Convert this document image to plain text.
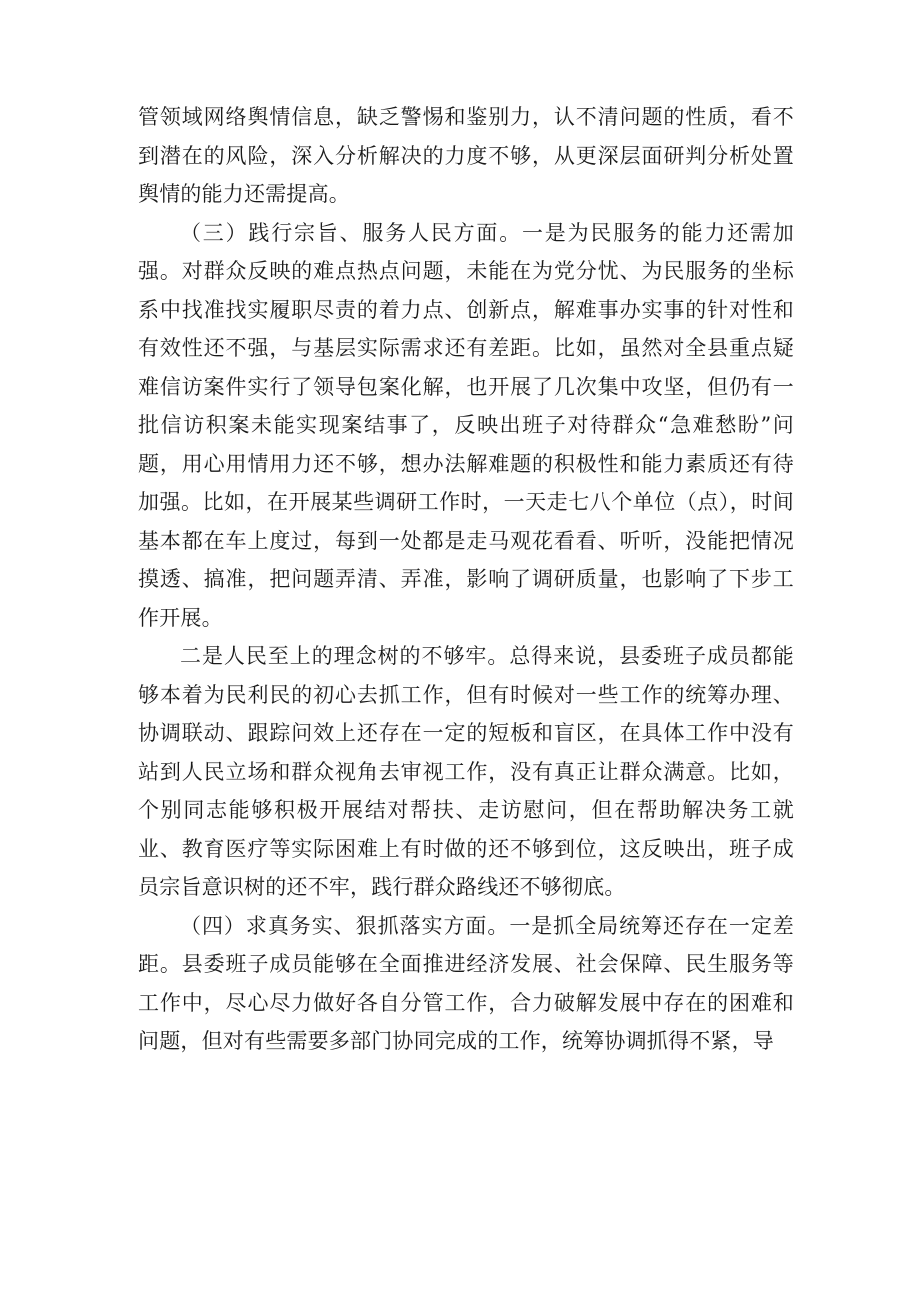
管领域网络舆情信息，缺乏警惕和鉴别力，认不清问题的性质，看不到潜在的风险，深入分析解决的力度不够，从更深层面研判分析处置舆情的能力还需提高。

（三）践行宗旨、服务人民方面。一是为民服务的能力还需加强。对群众反映的难点热点问题，未能在为党分忧、为民服务的坐标系中找准找实履职尽责的着力点、创新点，解难事办实事的针对性和有效性还不强，与基层实际需求还有差距。比如，虽然对全县重点疑难信访案件实行了领导包案化解，也开展了几次集中攻坚，但仍有一批信访积案未能实现案结事了，反映出班子对待群众“急难愁盼”问题，用心用情用力还不够，想办法解难题的积极性和能力素质还有待加强。比如，在开展某些调研工作时，一天走七八个单位（点），时间基本都在车上度过，每到一处都是走马观花看看、听听，没能把情况摸透、搞准，把问题弄清、弄准，影响了调研质量，也影响了下步工作开展。

二是人民至上的理念树的不够牢。总得来说，县委班子成员都能够本着为民利民的初心去抓工作，但有时候对一些工作的统筹办理、协调联动、跟踪问效上还存在一定的短板和盲区，在具体工作中没有站到人民立场和群众视角去审视工作，没有真正让群众满意。比如，个别同志能够积极开展结对帮扶、走访慰问，但在帮助解决务工就业、教育医疗等实际困难上有时做的还不够到位，这反映出，班子成员宗旨意识树的还不牢，践行群众路线还不够彻底。

（四）求真务实、狠抓落实方面。一是抓全局统筹还存在一定差距。县委班子成员能够在全面推进经济发展、社会保障、民生服务等工作中，尽心尽力做好各自分管工作，合力破解发展中存在的困难和问题，但对有些需要多部门协同完成的工作，统筹协调抓得不紧，导
